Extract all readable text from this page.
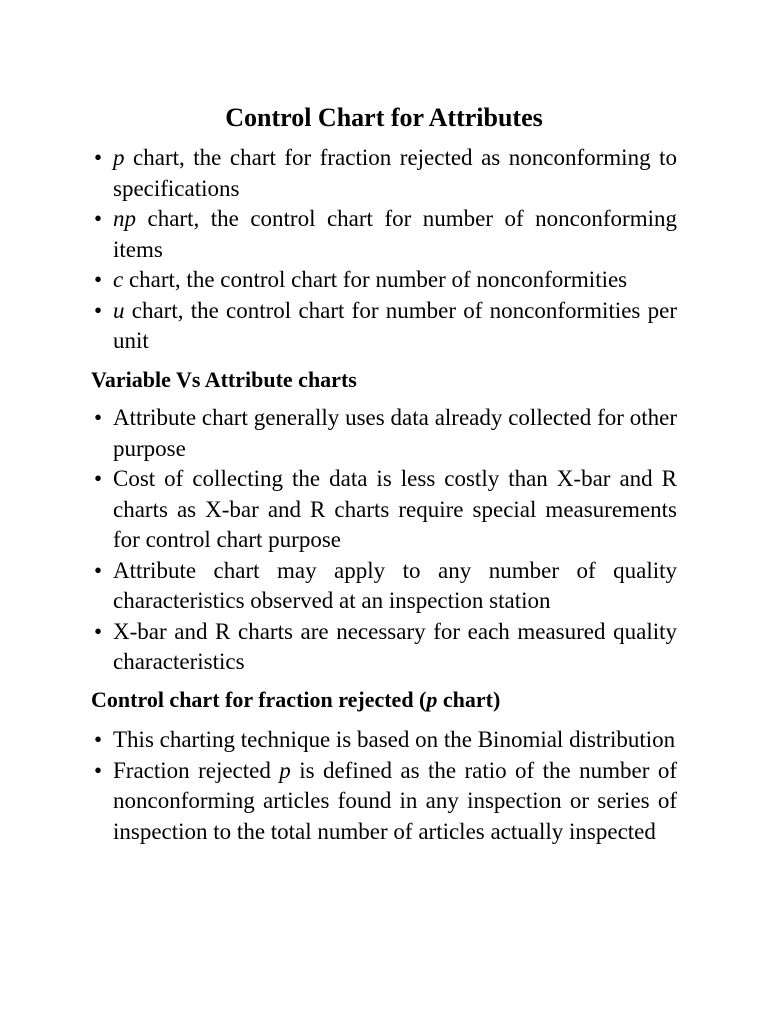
Control Chart for Attributes
• p chart, the chart for fraction rejected as nonconforming to specifications
• np chart, the control chart for number of nonconforming items
• c chart, the control chart for number of nonconformities
• u chart, the control chart for number of nonconformities per unit
Variable Vs Attribute charts
• Attribute chart generally uses data already collected for other purpose
• Cost of collecting the data is less costly than X-bar and R charts as X-bar and R charts require special measurements for control chart purpose
• Attribute chart may apply to any number of quality characteristics observed at an inspection station
• X-bar and R charts are necessary for each measured quality characteristics
Control chart for fraction rejected (p chart)
• This charting technique is based on the Binomial distribution
• Fraction rejected p is defined as the ratio of the number of nonconforming articles found in any inspection or series of inspection to the total number of articles actually inspected
